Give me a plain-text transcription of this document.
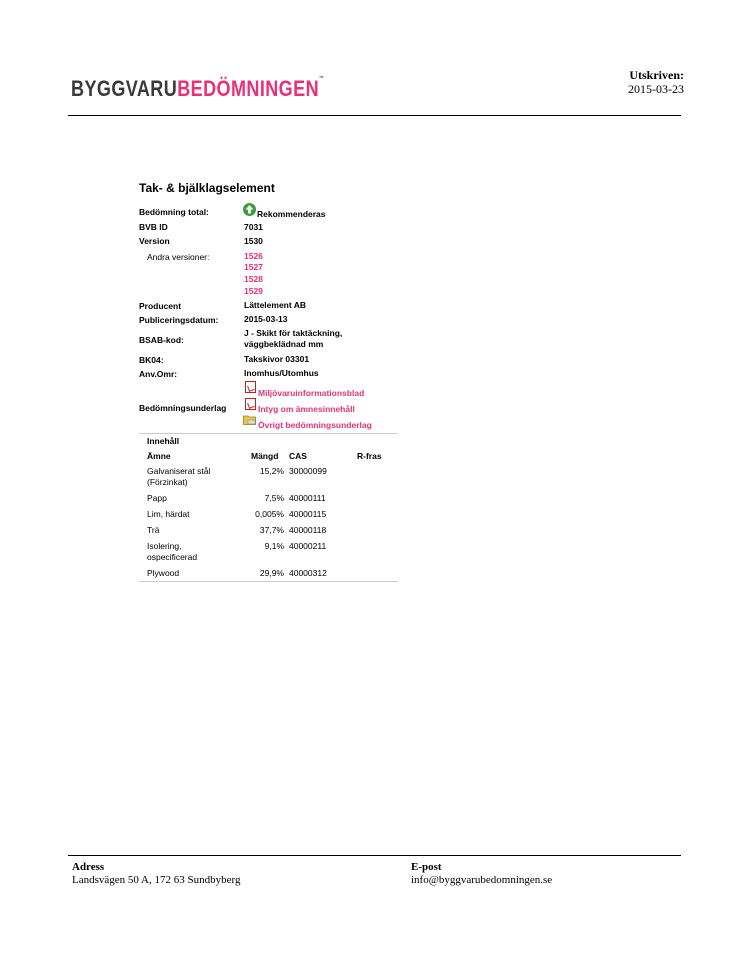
BYGGVARUBEDÖMNINGEN™	Utskriven:
2015-03-23
Tak- & bjälklagselement
Bedömning total:	Rekommenderas
BVB ID	7031
Version	1530
Andra versioner:	1526
1527
1528
1529
Producent	Lättelement AB
Publiceringsdatum:	2015-03-13
BSAB-kod:
J - Skikt för taktäckning,
väggbeklädnad mm
BK04:	Takskivor 03301
Anv.Omr:	Inomhus/Utomhus
Bedömningsunderlag
Miljövaruinformationsblad
Intyg om ämnesinnehåll
Övrigt bedömningsunderlag
Innehåll
Ämne	Mängd CAS	R-fras
Galvaniserat stål
(Förzinkat)
15,2% 30000099
Papp	7,5% 40000111
Lim, härdat	0,005% 40000115
Trä	37,7% 40000118
Isolering,
ospecificerad
9,1% 40000211
Plywood	29,9% 40000312
Adress
Landsvägen 50 A, 172 63 Sundbyberg
E-post
info@byggvarubedomningen.se
